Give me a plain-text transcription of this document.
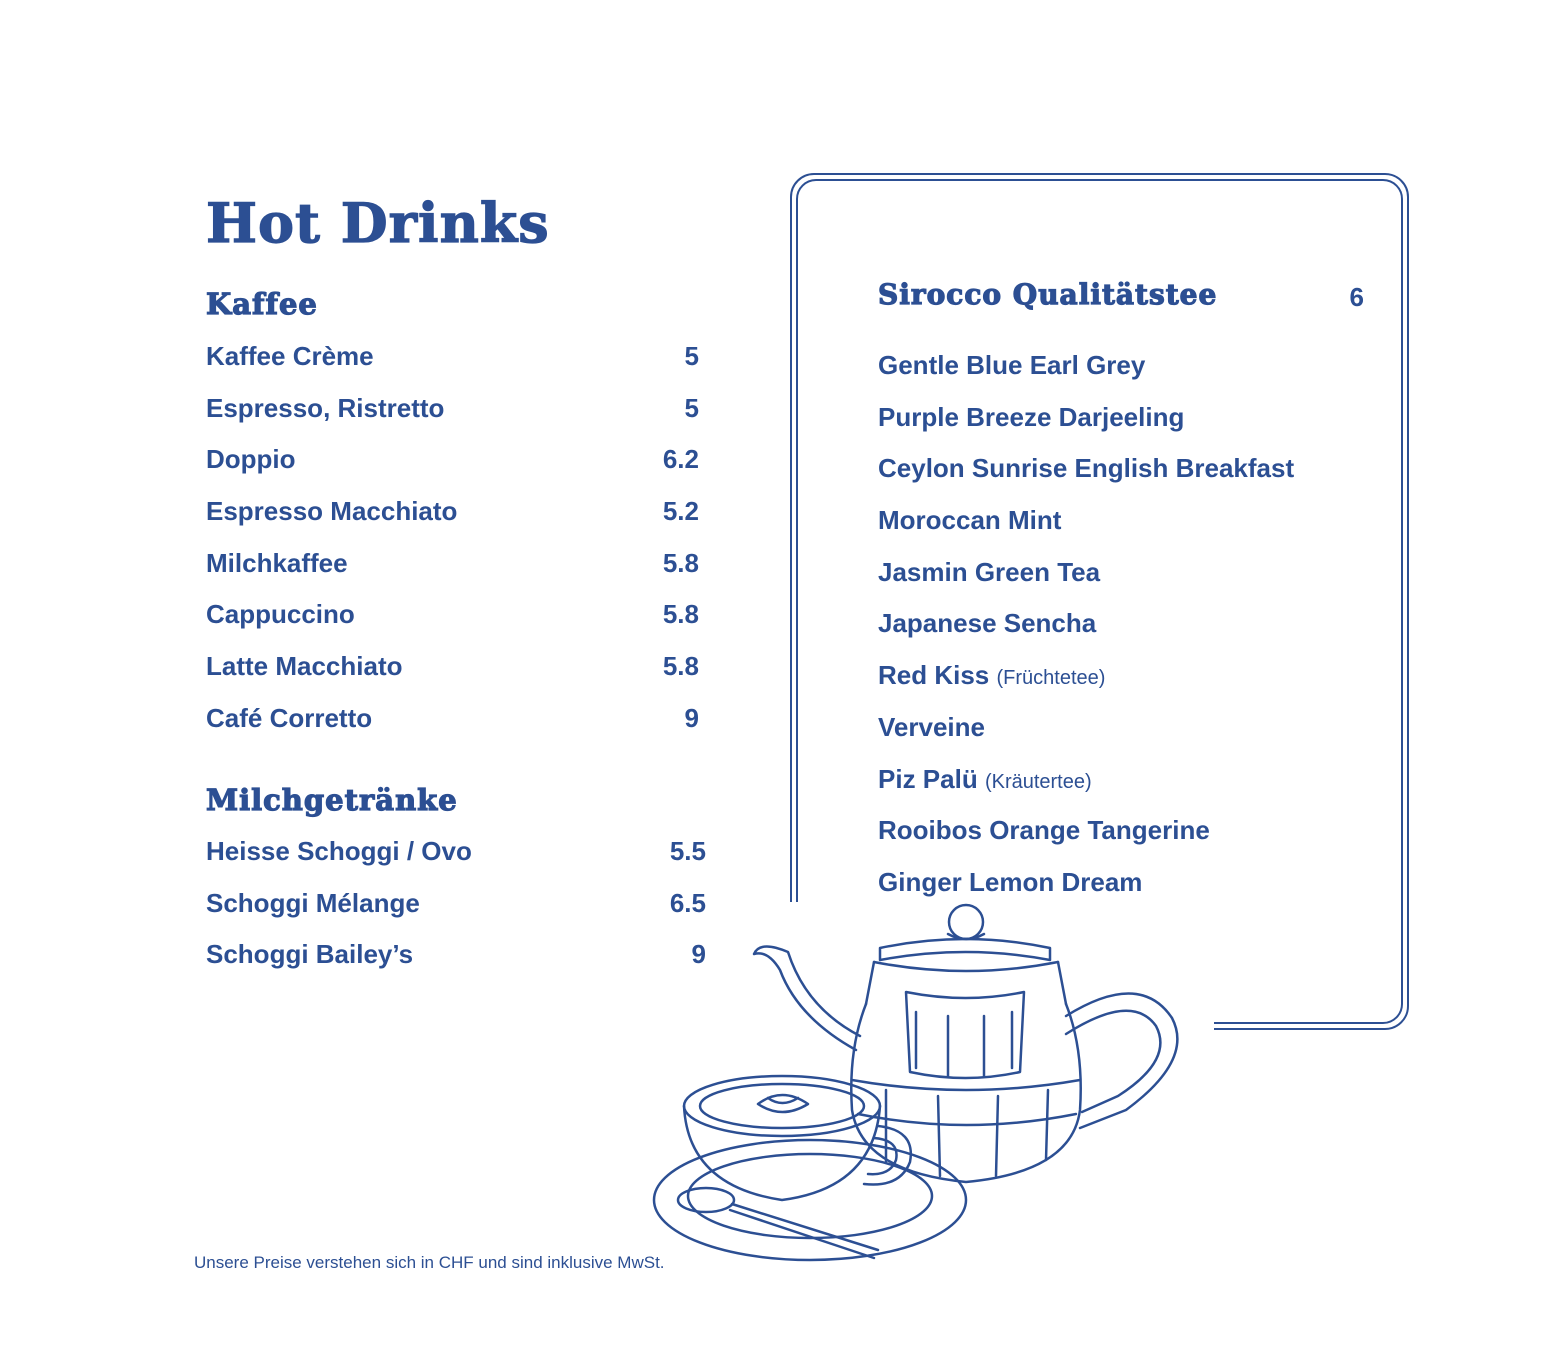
Hot Drinks
Kaffee
Kaffee Crème	5
Espresso, Ristretto	5
Doppio	6.2
Espresso Macchiato	5.2
Milchkaffee	5.8
Cappuccino	5.8
Latte Macchiato	5.8
Café Corretto	9
Milchgetränke
Heisse Schoggi / Ovo	5.5
Schoggi Mélange	6.5
Schoggi Bailey’s	9
Sirocco Qualitätstee	6
Gentle Blue Earl Grey
Purple Breeze Darjeeling
Ceylon Sunrise English Breakfast
Moroccan Mint
Jasmin Green Tea
Japanese Sencha
Red Kiss (Früchtetee)
Verveine
Piz Palü (Kräutertee)
Rooibos Orange Tangerine
Ginger Lemon Dream
Unsere Preise verstehen sich in CHF und sind inklusive MwSt.
